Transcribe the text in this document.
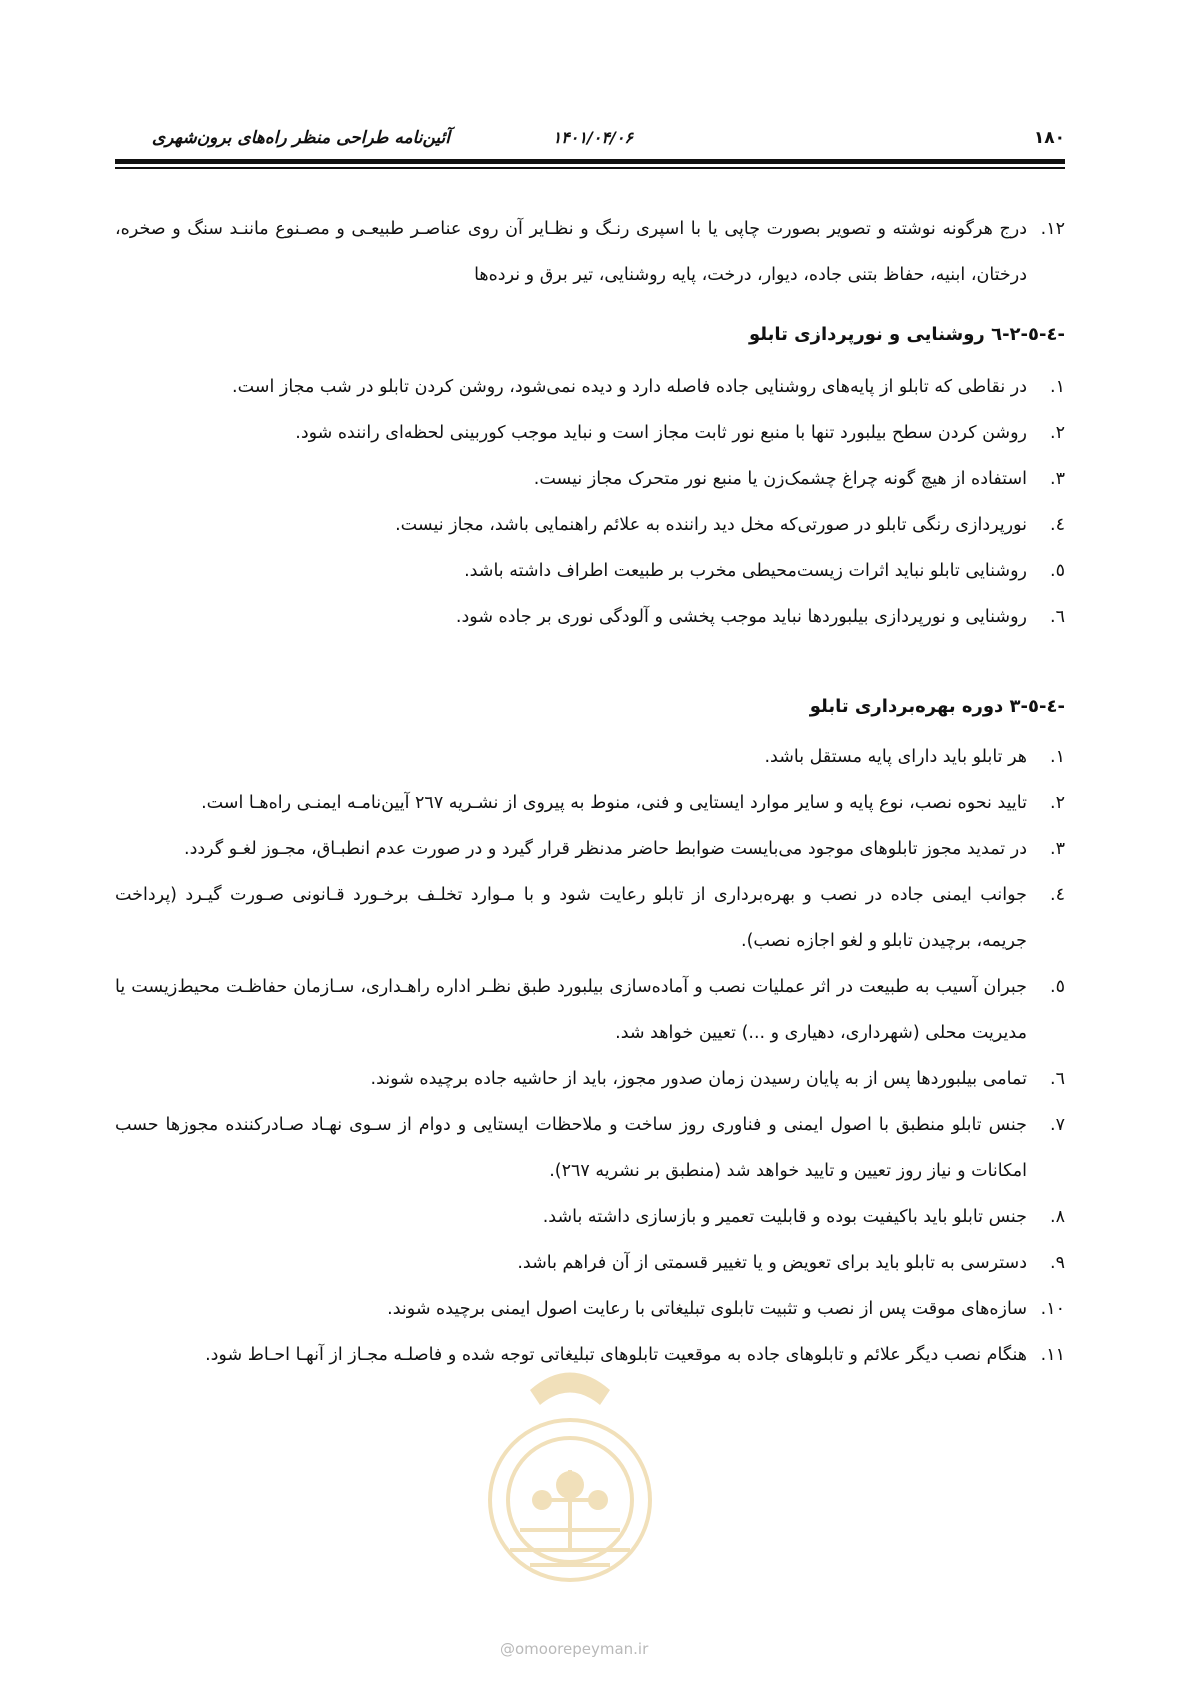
۱۸۰
۱۴۰۱/۰۴/۰۶
آئین‌نامه طراحی منظر راه‌های برون‌شهری
۱۲.
درج هرگونه نوشته و تصویر بصورت چاپی یا با اسپری رنـگ و نظـایر آن روی عناصـر طبیعـی و مصـنوع ماننـد سنگ و صخره، درختان، ابنیه، حفاظ بتنی جاده، دیوار، درخت، پایه روشنایی، تیر برق و نرده‌ها
٤-٥-٢-٦- روشنایی و نورپردازی تابلو
١.
در نقاطی که تابلو از پایه‌های روشنایی جاده فاصله دارد و دیده نمی‌شود، روشن کردن تابلو در شب مجاز است.
٢.
روشن کردن سطح بیلبورد تنها با منبع نور ثابت مجاز است و نباید موجب کوربینی لحظه‌ای راننده شود.
٣.
استفاده از هیچ گونه چراغ چشمک‌زن یا منبع نور متحرک مجاز نیست.
٤.
نورپردازی رنگی تابلو در صورتی‌که مخل دید راننده به علائم راهنمایی باشد، مجاز نیست.
٥.
روشنایی تابلو نباید اثرات زیست‌محیطی مخرب بر طبیعت اطراف داشته باشد.
٦.
روشنایی و نورپردازی بیلبوردها نباید موجب پخشی و آلودگی نوری بر جاده شود.
٤-٥-٣- دوره بهره‌برداری تابلو
١.
هر تابلو باید دارای پایه مستقل باشد.
٢.
تایید نحوه نصب، نوع پایه و سایر موارد ایستایی و فنی، منوط به پیروی از نشـریه ٢٦٧ آیین‌نامـه ایمنـی راه‌هـا است.
٣.
در تمدید مجوز تابلوهای موجود می‌بایست ضوابط حاضر مدنظر قرار گیرد و در صورت عدم انطبـاق، مجـوز لغـو گردد.
٤.
جوانب ایمنی جاده در نصب و بهره‌برداری از تابلو رعایت شود و با مـوارد تخلـف برخـورد قـانونی صـورت گیـرد (پرداخت جریمه، برچیدن تابلو و لغو اجازه نصب).
٥.
جبران آسیب به طبیعت در اثر عملیات نصب و آماده‌سازی بیلبورد طبق نظـر اداره راهـداری، سـازمان حفاظـت محیط‌زیست یا مدیریت محلی (شهرداری، دهیاری و ...) تعیین خواهد شد.
٦.
تمامی بیلبوردها پس از به پایان رسیدن زمان صدور مجوز، باید از حاشیه جاده برچیده شوند.
٧.
جنس تابلو منطبق با اصول ایمنی و فناوری روز ساخت و ملاحظات ایستایی و دوام از سـوی نهـاد صـادرکننده مجوزها حسب امکانات و نیاز روز تعیین و تایید خواهد شد (منطبق بر نشریه ٢٦٧).
٨.
جنس تابلو باید باکیفیت بوده و قابلیت تعمیر و بازسازی داشته باشد.
٩.
دسترسی به تابلو باید برای تعویض و یا تغییر قسمتی از آن فراهم باشد.
١٠.
سازه‌های موقت پس از نصب و تثبیت تابلوی تبلیغاتی با رعایت اصول ایمنی برچیده شوند.
١١.
هنگام نصب دیگر علائم و تابلوهای جاده به موقعیت تابلوهای تبلیغاتی توجه شده و فاصلـه مجـاز از آنهـا احـاط شود.
@omoorepeyman.ir
